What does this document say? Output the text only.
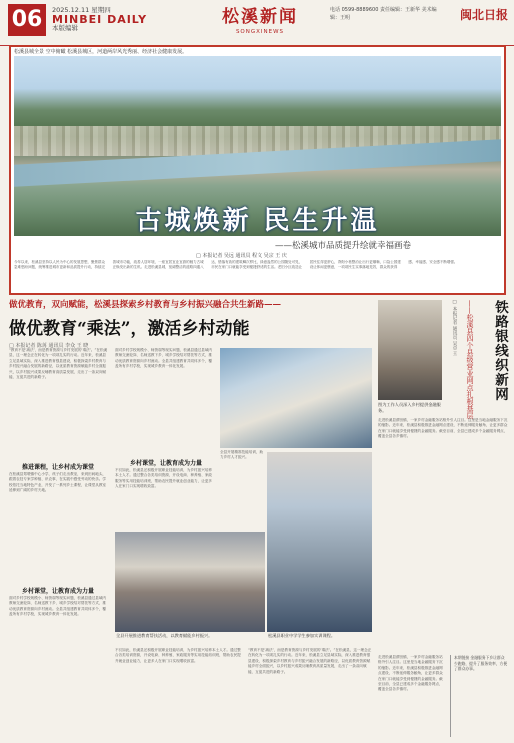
06	2025.12.11 星期四
MINBEI DAILY
本版编辑
松溪新闻
SONGXINEWS
电话 0599-8889600 责任编辑：王新华 美术编辑：王明	闽北日报
松溪县城全景 空中俯瞰 松溪县城区，河道两岸风光秀丽、经济社会健康发展。
古城焕新 民生升温
——松溪城市品质提升绘就幸福画卷
□ 本报记者 吴远 通讯员 程文 吴宗 王 庆
今年以来，松溪县坚持以人民为中心的发展思想，聚焦群众急难愁盼问题，统筹推进城市更新和品质提升行动，持续完善城市功能，改善人居环境，一座宜居宜业宜游的魅力古城正焕发出新的生机。走进松溪县城，宽阔整洁的道路四通八达，错落有致的建筑鳞次栉比，绿意盎然的公园随处可见，市民在家门口就能享受到便捷舒适的生活。老旧小区改造让居民住得更舒心，背街小巷整治让出行更顺畅，口袋公园建设让休闲更惬意，一项项民生实事落地见效，群众的获得感、幸福感、安全感不断增强。
做优教育，双向赋能，松溪县探索乡村教育与乡村振兴融合共生新路——
做优教育“乘法”，激活乡村动能
□ 本报记者 陈苒 通讯员 李众 王 晓
“教育不是‘减法’，而是教育资源与乡村发展的‘乘法’。”在松溪县，这一理念正在转化为一项项扎实的行动。近年来，松溪县立足县域实际，深入推进教育强县建设，积极探索乡村教育与乡村振兴融合发展的新路径，以优质教育资源赋能乡村全面振兴，以乡村振兴成果反哺教育高质量发展，走出了一条双向赋能、互促共进的新路子。
推进课程，让乡村成为课堂
在松溪县郑墩镇中心小学，孩子们走出教室，来到田间地头，跟着农技专家学种植、识农事，在实践中感受劳动的快乐。学校依托当地特色产业，开发了一系列乡土课程，让课堂从教室延伸到广阔的乡村天地。
乡村课堂，让教育成为力量
面对乡村学校规模小、师资弱等现实问题，松溪县通过县域内教师交流轮岗、名师送教下乡、城乡学校结对帮扶等方式，推动优质教育资源向乡村流动。全县共组建教育共同体多个，覆盖所有乡村学校，实现城乡教育一体化发展。
面对乡村学校规模小、师资弱等现实问题，松溪县通过县域内教师交流轮岗、名师送教下乡、城乡学校结对帮扶等方式，推动优质教育资源向乡村流动。全县共组建教育共同体多个，覆盖所有乡村学校，实现城乡教育一体化发展。
乡村课堂，让教育成为力量
不仅如此，松溪县还积极开展职业技能培训，为乡村振兴培养本土人才。通过整合各类培训资源，开设电商、种养殖、家政服务等实用技能培训班，帮助农民提升就业创业能力，让更多人在家门口实现增收致富。
全县开展推进教育帮扶活动，以教育赋能乡村振兴。	松溪县职业中学学生参加实训课程。
不仅如此，松溪县还积极开展职业技能培训，为乡村振兴培养本土人才。通过整合各类培训资源，开设电商、种养殖、家政服务等实用技能培训班，帮助农民提升就业创业能力，让更多人在家门口实现增收致富。
“教育不是‘减法’，而是教育资源与乡村发展的‘乘法’。”在松溪县，这一理念正在转化为一项项扎实的行动。近年来，松溪县立足县域实际，深入推进教育强县建设，积极探索乡村教育与乡村振兴融合发展的新路径，以优质教育资源赋能乡村全面振兴，以乡村振兴成果反哺教育高质量发展，走出了一条双向赋能、互促共进的新路子。
全县开展精准技能培训，助力乡村人才振兴。
铁路银线织新网
——松溪县四个县级营业网点扎根基层
□ 本报记者 通讯员 吴卓 王
图为工作人员深入乡村提供金融服务。
走进松溪县渭田镇，一家乡村金融服务站格外引人注目。这里是当地金融服务下沉的缩影。近年来，松溪县积极推进金融网点建设，不断延伸服务触角，让更多群众在家门口就能享受到便捷的金融服务。截至目前，全县已建成多个金融服务网点，覆盖全县各乡镇村。
走进松溪县渭田镇，一家乡村金融服务站格外引人注目。这里是当地金融服务下沉的缩影。近年来，松溪县积极推进金融网点建设，不断延伸服务触角，让更多群众在家门口就能享受到便捷的金融服务。截至目前，全县已建成多个金融服务网点，覆盖全县各乡镇村。
本期链接 金融服务下乡让群众少跑路，提升了服务效率，方便了群众办事。
